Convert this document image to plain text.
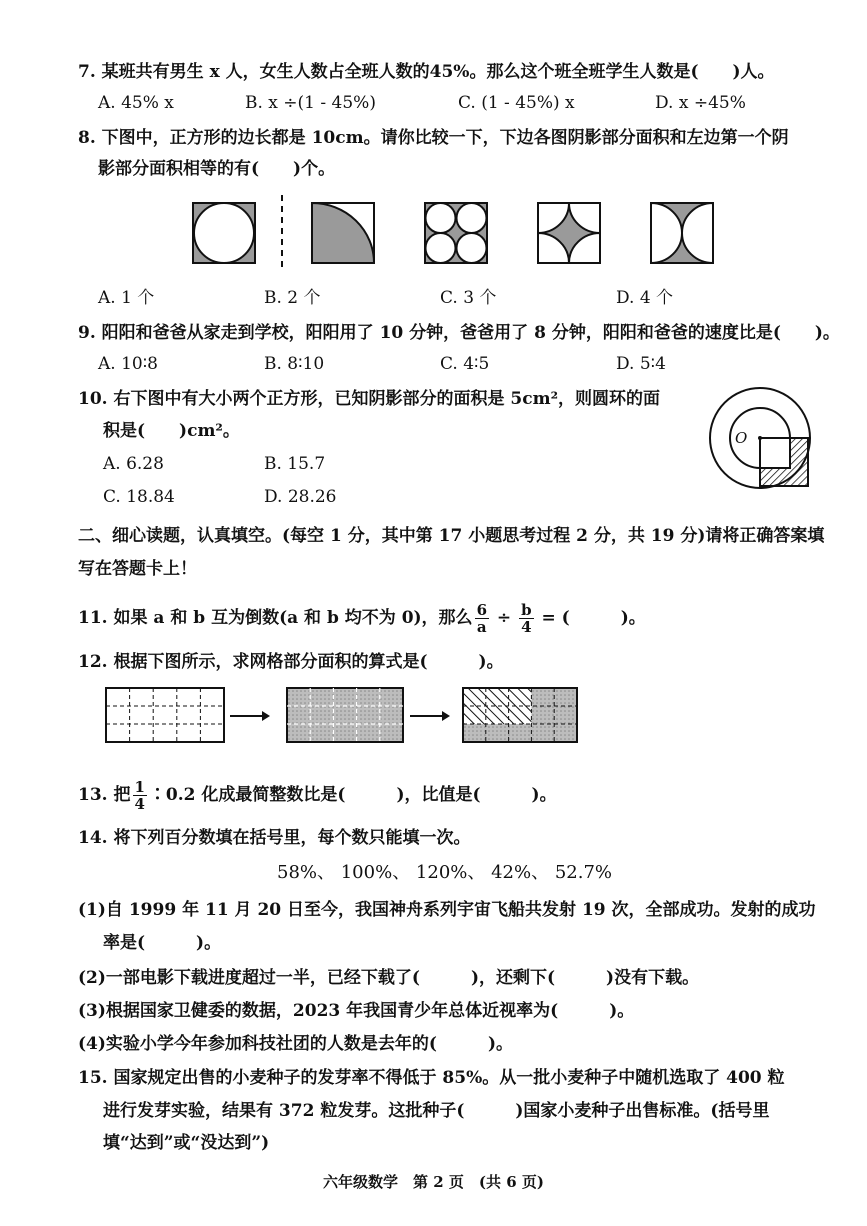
7. 某班共有男生 x 人，女生人数占全班人数的45%。那么这个班全班学生人数是(　　)人。
A. 45% x	B. x ÷(1 - 45%)	C. (1 - 45%) x	D. x ÷45%
8. 下图中，正方形的边长都是 10cm。请你比较一下，下边各图阴影部分面积和左边第一个阴
影部分面积相等的有(　　)个。
A. 1 个	B. 2 个	C. 3 个	D. 4 个
9. 阳阳和爸爸从家走到学校，阳阳用了 10 分钟，爸爸用了 8 分钟，阳阳和爸爸的速度比是(　　)。
A. 10∶8	B. 8∶10	C. 4∶5	D. 5∶4
10. 右下图中有大小两个正方形，已知阴影部分的面积是 5cm²，则圆环的面
积是(　　)cm²。
A. 6.28	B. 15.7
C. 18.84	D. 28.26
O
二、细心读题，认真填空。(每空 1 分，其中第 17 小题思考过程 2 分，共 19 分)请将正确答案填
写在答题卡上！
11. 如果 a 和 b 互为倒数(a 和 b 均不为 0)，那么 $\frac{6}{a} \div \frac{b}{4}$ = (　　　)。
12. 根据下图所示，求网格部分面积的算式是(　　　)。
13. 把 $\frac{1}{4}$ ∶0.2 化成最简整数比是(　　　)，比值是(　　　)。
14. 将下列百分数填在括号里，每个数只能填一次。
58%、 100%、 120%、 42%、 52.7%
(1)自 1999 年 11 月 20 日至今，我国神舟系列宇宙飞船共发射 19 次，全部成功。发射的成功
率是(　　　)。
(2)一部电影下载进度超过一半，已经下载了(　　　)，还剩下(　　　)没有下载。
(3)根据国家卫健委的数据，2023 年我国青少年总体近视率为(　　　)。
(4)实验小学今年参加科技社团的人数是去年的(　　　)。
15. 国家规定出售的小麦种子的发芽率不得低于 85%。从一批小麦种子中随机选取了 400 粒
进行发芽实验，结果有 372 粒发芽。这批种子(　　　)国家小麦种子出售标准。(括号里
填“达到”或“没达到”)
六年级数学　第 2 页　(共 6 页)
